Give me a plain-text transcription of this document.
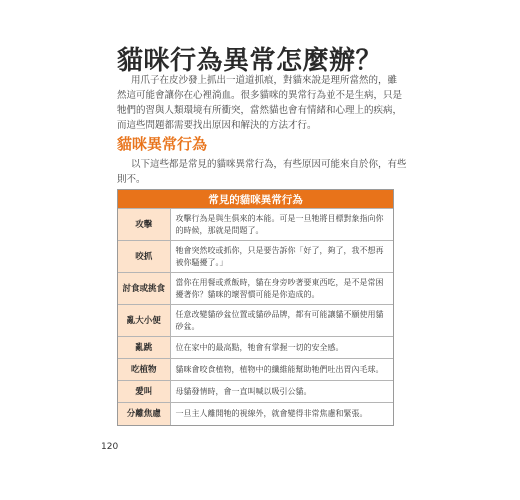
貓咪行為異常怎麼辦？

用爪子在皮沙發上抓出一道道抓痕，對貓來說是理所當然的，雖然這可能會讓你在心裡淌血。很多貓咪的異常行為並不是生病，只是牠們的習與人類環境有所衝突，當然貓也會有情緒和心理上的疾病，而這些問題都需要找出原因和解決的方法才行。

貓咪異常行為

以下這些都是常見的貓咪異常行為，有些原因可能來自於你，有些則不。

常見的貓咪異常行為	
攻擊	攻擊行為是與生俱來的本能。可是一旦牠將目標對象指向你的時候，那就是問題了。
咬抓	牠會突然咬或抓你，只是要告訴你「好了，夠了，我不想再被你騷擾了。」
討食或挑食	當你在用餐或煮飯時，貓在身旁吵著要東西吃，是不是常困擾著你？貓咪的壞習慣可能是你造成的。
亂大小便	任意改變貓砂盆位置或貓砂品牌，都有可能讓貓不願使用貓砂盆。
亂跳	位在家中的最高點，牠會有掌握一切的安全感。
吃植物	貓咪會咬食植物，植物中的纖維能幫助牠們吐出胃內毛球。
愛叫	母貓發情時，會一直叫喊以吸引公貓。
分離焦慮	一旦主人離開牠的視線外，就會變得非常焦慮和緊張。
120
